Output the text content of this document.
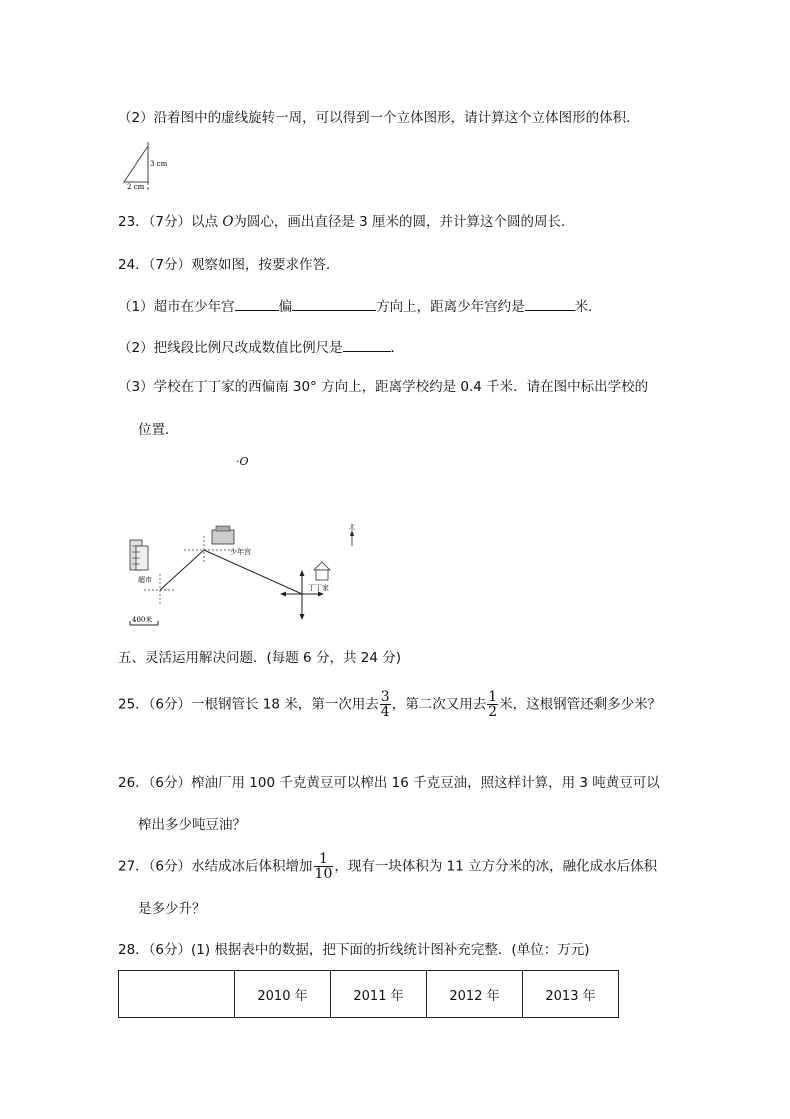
（2）沿着图中的虚线旋转一周，可以得到一个立体图形，请计算这个立体图形的体积．
3 cm
2 cm
23．（7分）以点 O为圆心，画出直径是 3 厘米的圆，并计算这个圆的周长．
24．（7分）观察如图，按要求作答．
（1）超市在少年宫	偏	方向上，距离少年宫约是	米．
（2）把线段比例尺改成数值比例尺是	．
（3）学校在丁丁家的西偏南 30° 方向上，距离学校约是 0.4 千米．请在图中标出学校的
位置．
·O
超市
少年宫
丁丁家
北
400米
五、灵活运用解决问题．(每题 6 分，共 24 分)
25．（6分）一根钢管长 18 米，第一次用去 $\frac{3}{4}$ ，第二次又用去 $\frac{1}{2}$ 米，这根钢管还剩多少米？
26．（6分）榨油厂用 100 千克黄豆可以榨出 16 千克豆油，照这样计算，用 3 吨黄豆可以
榨出多少吨豆油？
27．（6分）水结成冰后体积增加 $\frac{1}{10}$ ，现有一块体积为 11 立方分米的冰，融化成水后体积
是多少升？
28．（6分）(1) 根据表中的数据，把下面的折线统计图补充完整．(单位：万元)
	2010 年	2011 年	2012 年	2013 年
